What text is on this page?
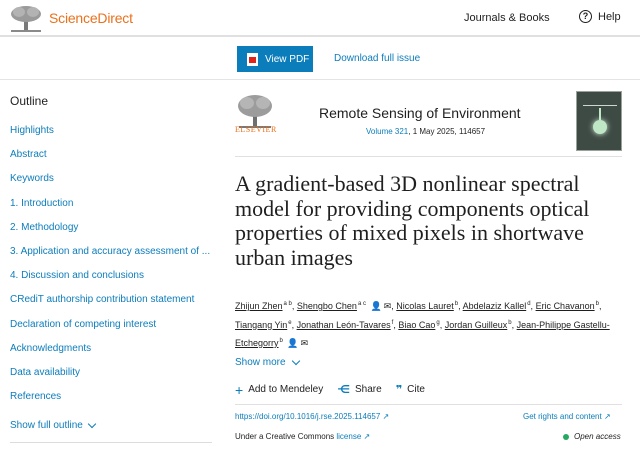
ScienceDirect	Journals & Books	? Help
View PDF Download full issue
Outline
Highlights
Abstract
Keywords
1. Introduction
2. Methodology
3. Application and accuracy assessment of ...
4. Discussion and conclusions
CRediT authorship contribution statement
Declaration of competing interest
Acknowledgments
Data availability
References
Show full outline
ELSEVIER
Remote Sensing of Environment
Volume 321, 1 May 2025, 114657
A gradient-based 3D nonlinear spectral model for providing components optical properties of mixed pixels in shortwave urban images
Zhijun Zhen$^{a b}$, Shengbo Chen$^{a c}$ 👤 ✉, Nicolas Lauret$^b$, Abdelaziz Kallel$^d$, Eric Chavanon$^b$, Tiangang Yin$^e$, Jonathan León-Tavares$^f$, Biao Cao$^g$, Jordan Guilleux$^b$, Jean-Philippe Gastellu-Etchegorry$^b$ 👤 ✉
Show more
+ Add to Mendeley ⋲ Share ❞ Cite
https://doi.org/10.1016/j.rse.2025.114657 ↗	Get rights and content ↗
Under a Creative Commons license ↗	Open access
